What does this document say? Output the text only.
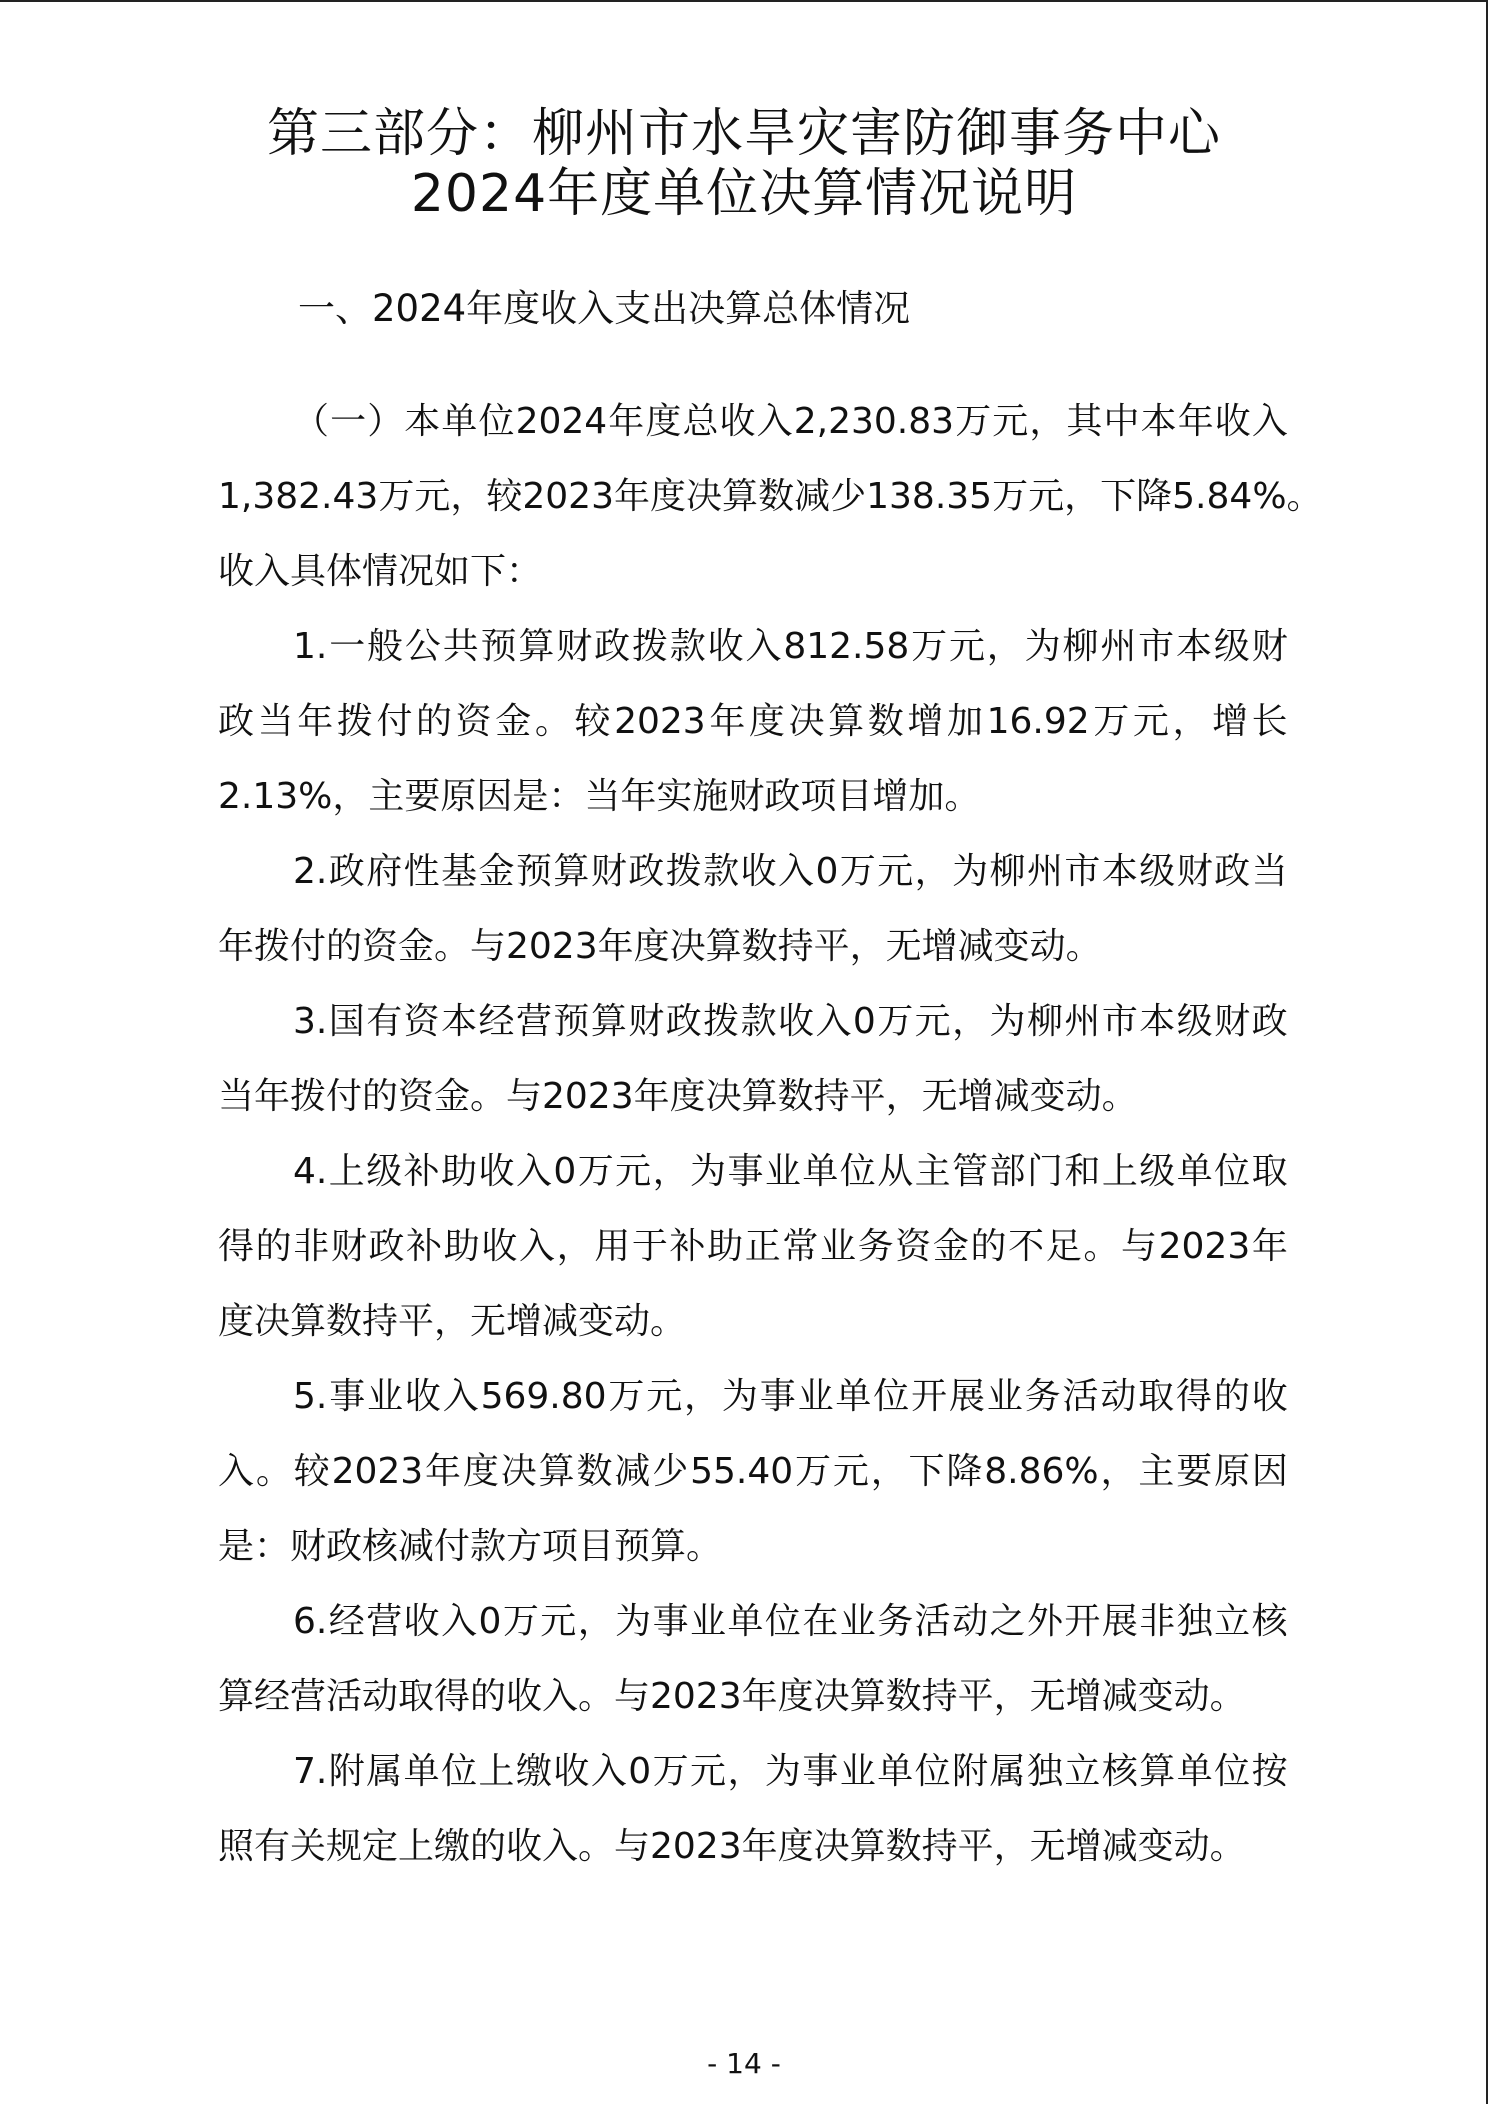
第三部分：柳州市水旱灾害防御事务中心
2024年度单位决算情况说明
一、2024年度收入支出决算总体情况
（ 一 ） 本 单 位 2024 年 度 总 收 入 2,230.83 万 元 ， 其 中 本 年 收 入
1,382.43 万 元 ， 较 2023 年 度 决 算 数 减 少 138.35 万 元 ， 下 降 5.84% 。
收入具体情况如下：
1. 一 般 公 共 预 算 财 政 拨 款 收 入 812.58 万 元 ， 为 柳 州 市 本 级 财
政 当 年 拨 付 的 资 金 。 较 2023 年 度 决 算 数 增 加 16.92 万 元 ， 增 长
2.13%，主要原因是：当年实施财政项目增加。
2. 政 府 性 基 金 预 算 财 政 拨 款 收 入 0 万 元 ， 为 柳 州 市 本 级 财 政 当
年拨付的资金。与2023年度决算数持平，无增减变动。
3. 国 有 资 本 经 营 预 算 财 政 拨 款 收 入 0 万 元 ， 为 柳 州 市 本 级 财 政
当年拨付的资金。与2023年度决算数持平，无增减变动。
4. 上 级 补 助 收 入 0 万 元 ， 为 事 业 单 位 从 主 管 部 门 和 上 级 单 位 取
得 的 非 财 政 补 助 收 入 ， 用 于 补 助 正 常 业 务 资 金 的 不 足 。 与 2023 年
度决算数持平，无增减变动。
5. 事 业 收 入 569.80 万 元 ， 为 事 业 单 位 开 展 业 务 活 动 取 得 的 收
入 。 较 2023 年 度 决 算 数 减 少 55.40 万 元 ， 下 降 8.86% ， 主 要 原 因
是：财政核减付款方项目预算。
6. 经 营 收 入 0 万 元 ， 为 事 业 单 位 在 业 务 活 动 之 外 开 展 非 独 立 核
算经营活动取得的收入。与2023年度决算数持平，无增减变动。
7. 附 属 单 位 上 缴 收 入 0 万 元 ， 为 事 业 单 位 附 属 独 立 核 算 单 位 按
照有关规定上缴的收入。与2023年度决算数持平，无增减变动。
- 14 -
